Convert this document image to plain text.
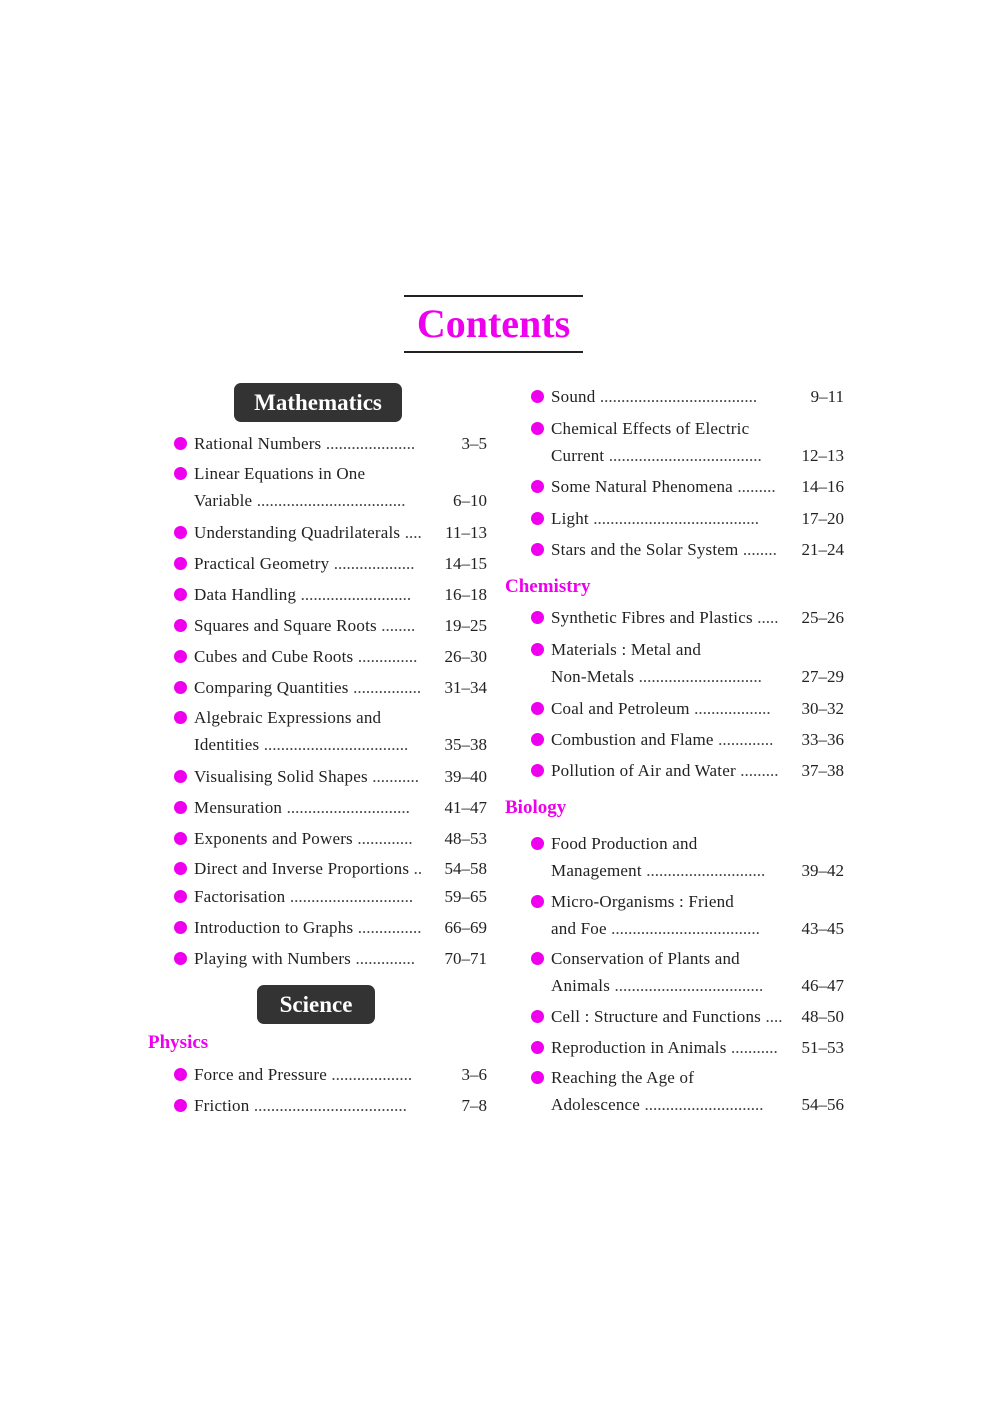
Contents
Mathematics
Science
Physics
Chemistry
Biology
Rational Numbers .....................	3–5
Linear Equations in One
Variable ...................................	6–10
Understanding Quadrilaterals .... 11–13
Practical Geometry ................... 14–15
Data Handling .......................... 16–18
Squares and Square Roots ........ 19–25
Cubes and Cube Roots .............. 26–30
Comparing Quantities ................ 31–34
Algebraic Expressions and
Identities .................................. 35–38
Visualising Solid Shapes ........... 39–40
Mensuration ............................. 41–47
Exponents and Powers ............. 48–53
Direct and Inverse Proportions .. 54–58
Factorisation ............................. 59–65
Introduction to Graphs ............... 66–69
Playing with Numbers .............. 70–71
Force and Pressure ...................	3–6
Friction ....................................	7–8
Sound .....................................	9–11
Chemical Effects of Electric
Current .................................... 12–13
Some Natural Phenomena ......... 14–16
Light ....................................... 17–20
Stars and the Solar System ........ 21–24
Synthetic Fibres and Plastics ..... 25–26
Materials : Metal and
Non-Metals ............................. 27–29
Coal and Petroleum .................. 30–32
Combustion and Flame ............. 33–36
Pollution of Air and Water ......... 37–38
Food Production and
Management ............................ 39–42
Micro-Organisms : Friend
and Foe ................................... 43–45
Conservation of Plants and
Animals ................................... 46–47
Cell : Structure and Functions .... 48–50
Reproduction in Animals ........... 51–53
Reaching the Age of
Adolescence ............................ 54–56
